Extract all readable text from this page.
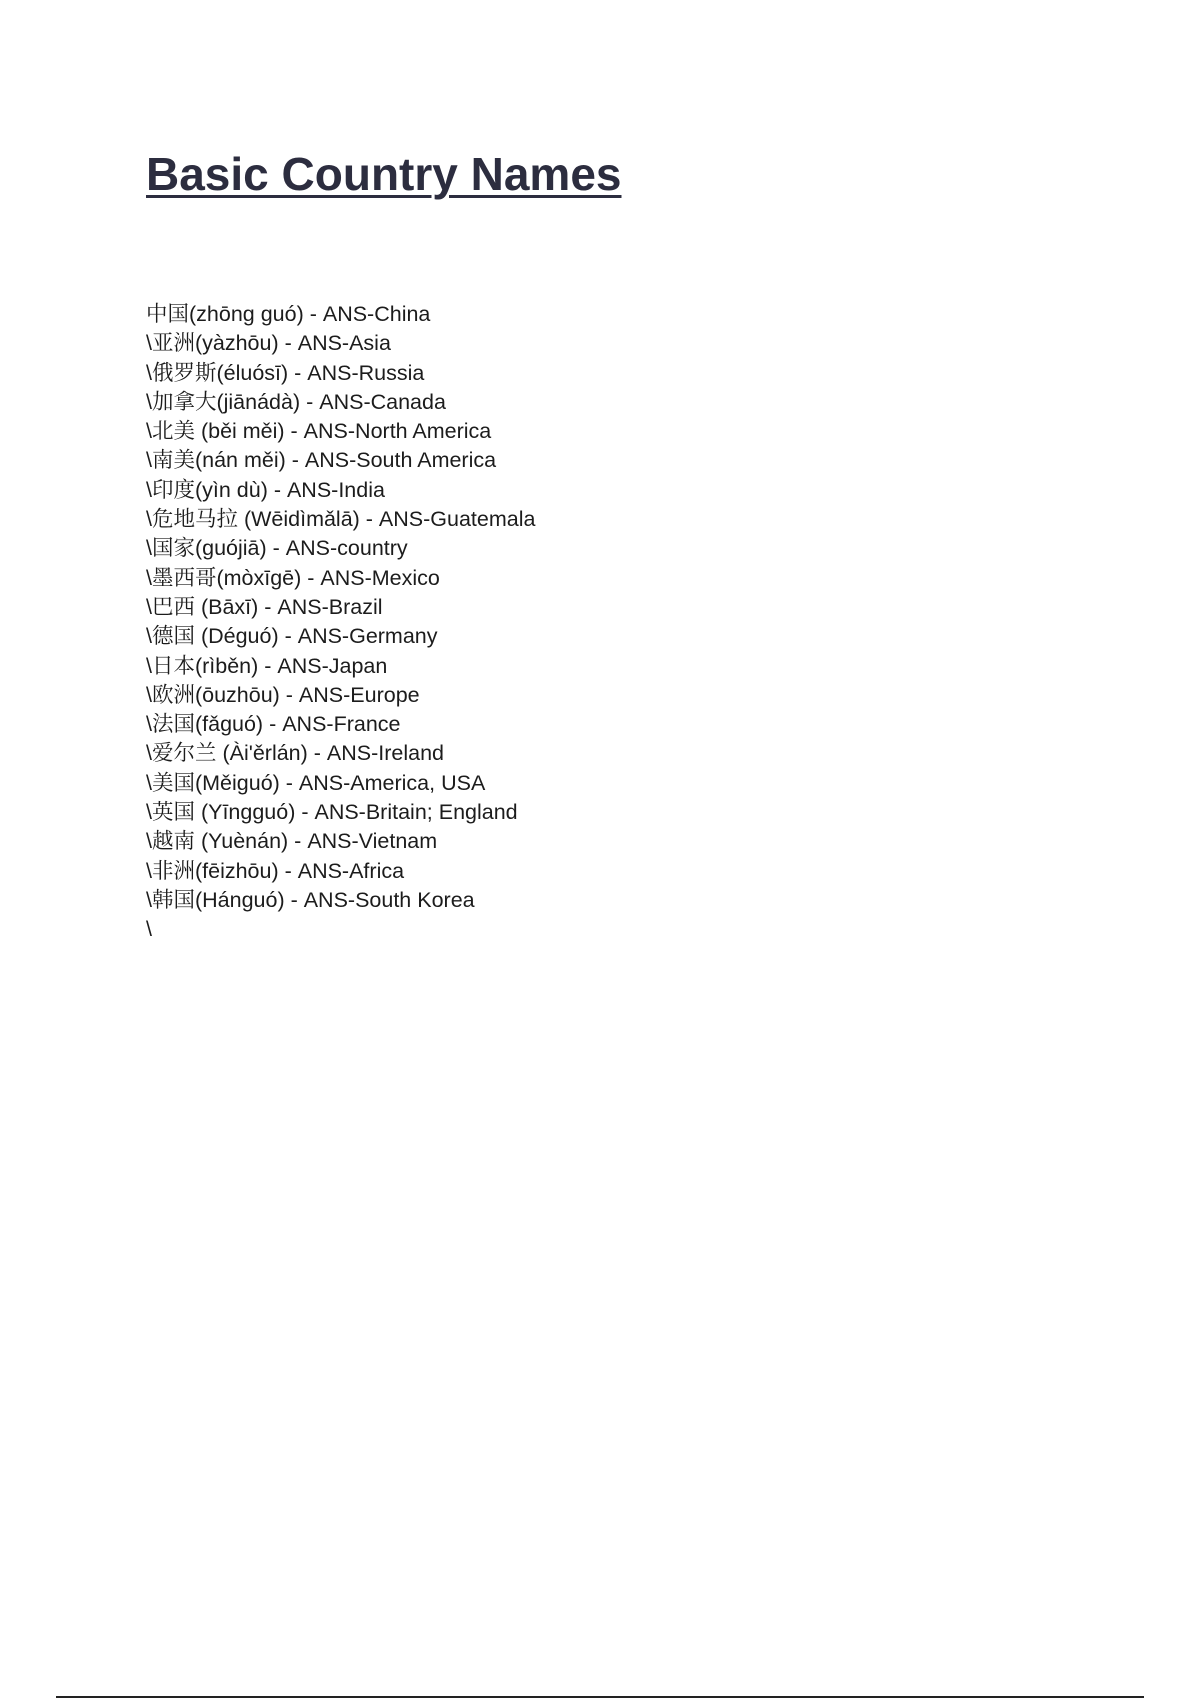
Basic Country Names
中国(zhōng guó) - ANS-China
\亚洲(yàzhōu) - ANS-Asia
\俄罗斯(éluósī) - ANS-Russia
\加拿大(jiānádà) - ANS-Canada
\北美 (běi měi) - ANS-North America
\南美(nán měi) - ANS-South America
\印度(yìn dù) - ANS-India
\危地马拉 (Wēidìmǎlā) - ANS-Guatemala
\国家(guójiā) - ANS-country
\墨西哥(mòxīgē) - ANS-Mexico
\巴西 (Bāxī) - ANS-Brazil
\德国 (Déguó) - ANS-Germany
\日本(rìběn) - ANS-Japan
\欧洲(ōuzhōu) - ANS-Europe
\法国(fǎguó) - ANS-France
\爱尔兰 (Ài'ěrlán) - ANS-Ireland
\美国(Měiguó) - ANS-America, USA
\英国 (Yīngguó) - ANS-Britain; England
\越南 (Yuènán) - ANS-Vietnam
\非洲(fēizhōu) - ANS-Africa
\韩国(Hánguó) - ANS-South Korea
\
